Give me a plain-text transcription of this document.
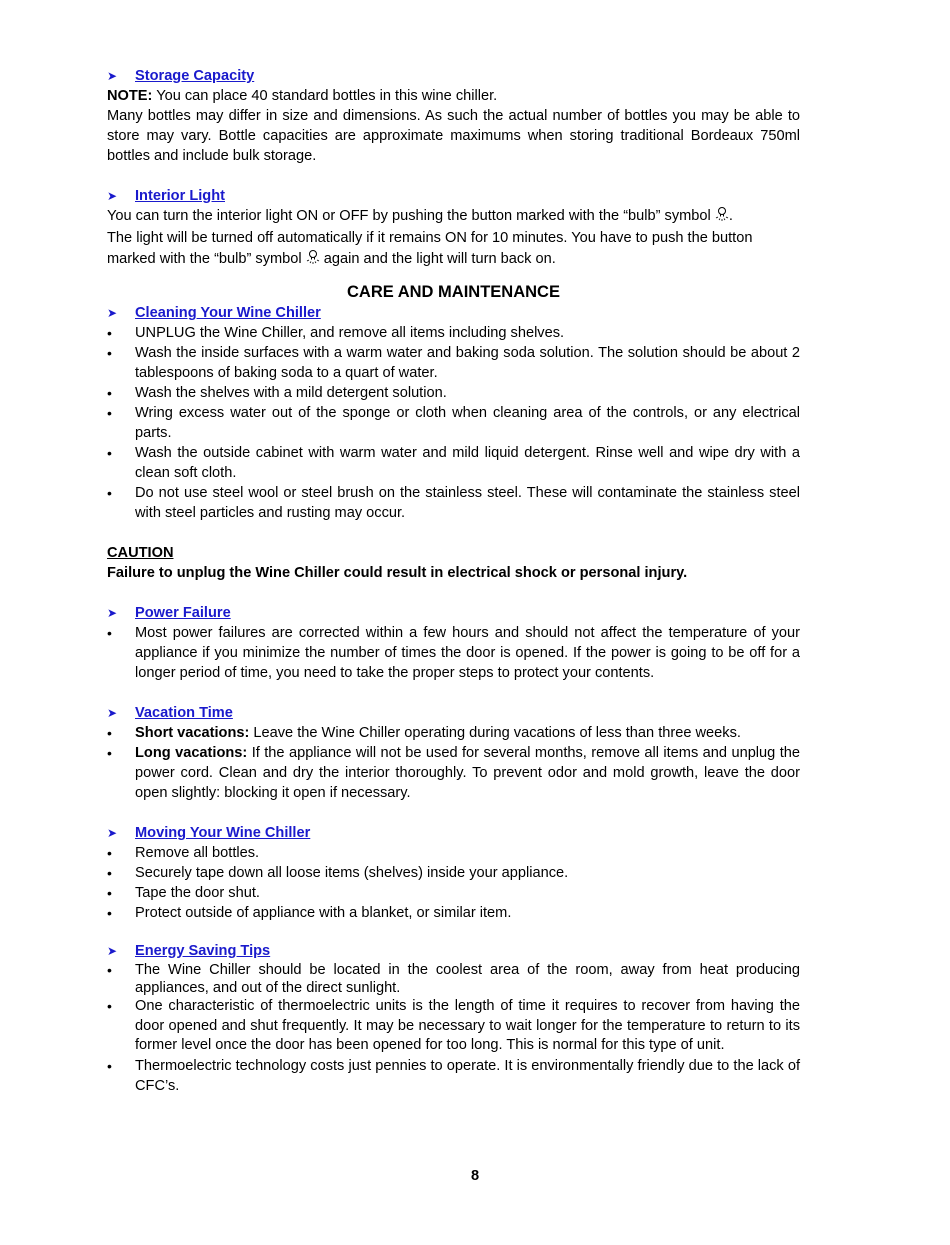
➤	Storage Capacity
NOTE: You can place 40 standard bottles in this wine chiller.
Many bottles may differ in size and dimensions. As such the actual number of bottles you may be able to store may vary. Bottle capacities are approximate maximums when storing traditional Bordeaux 750ml bottles and include bulk storage.
➤	Interior Light
You can turn the interior light ON or OFF by pushing the button marked with the “bulb” symbol .
The light will be turned off automatically if it remains ON for 10 minutes. You have to push the button
marked with the “bulb” symbol  again and the light will turn back on.
CARE AND MAINTENANCE
➤	Cleaning Your Wine Chiller
•	UNPLUG the Wine Chiller, and remove all items including shelves.
•	Wash the inside surfaces with a warm water and baking soda solution. The solution should be about 2 tablespoons of baking soda to a quart of water.
•	Wash the shelves with a mild detergent solution.
•	Wring excess water out of the sponge or cloth when cleaning area of the controls, or any electrical parts.
•	Wash the outside cabinet with warm water and mild liquid detergent. Rinse well and wipe dry with a clean soft cloth.
•	Do not use steel wool or steel brush on the stainless steel. These will contaminate the stainless steel with steel particles and rusting may occur.
CAUTION
Failure to unplug the Wine Chiller could result in electrical shock or personal injury.
➤	Power Failure
•	Most power failures are corrected within a few hours and should not affect the temperature of your appliance if you minimize the number of times the door is opened. If the power is going to be off for a longer period of time, you need to take the proper steps to protect your contents.
➤	Vacation Time
•	Short vacations: Leave the Wine Chiller operating during vacations of less than three weeks.
•	Long vacations: If the appliance will not be used for several months, remove all items and unplug the power cord. Clean and dry the interior thoroughly. To prevent odor and mold growth, leave the door open slightly: blocking it open if necessary.
➤	Moving Your Wine Chiller
•	Remove all bottles.
•	Securely tape down all loose items (shelves) inside your appliance.
•	Tape the door shut.
•	Protect outside of appliance with a blanket, or similar item.
➤	Energy Saving Tips
•	The Wine Chiller should be located in the coolest area of the room, away from heat producing appliances, and out of the direct sunlight.
•	One characteristic of thermoelectric units is the length of time it requires to recover from having the door opened and shut frequently. It may be necessary to wait longer for the temperature to return to its former level once the door has been opened for too long. This is normal for this type of unit.
•	Thermoelectric technology costs just pennies to operate. It is environmentally friendly due to the lack of CFC’s.
8
